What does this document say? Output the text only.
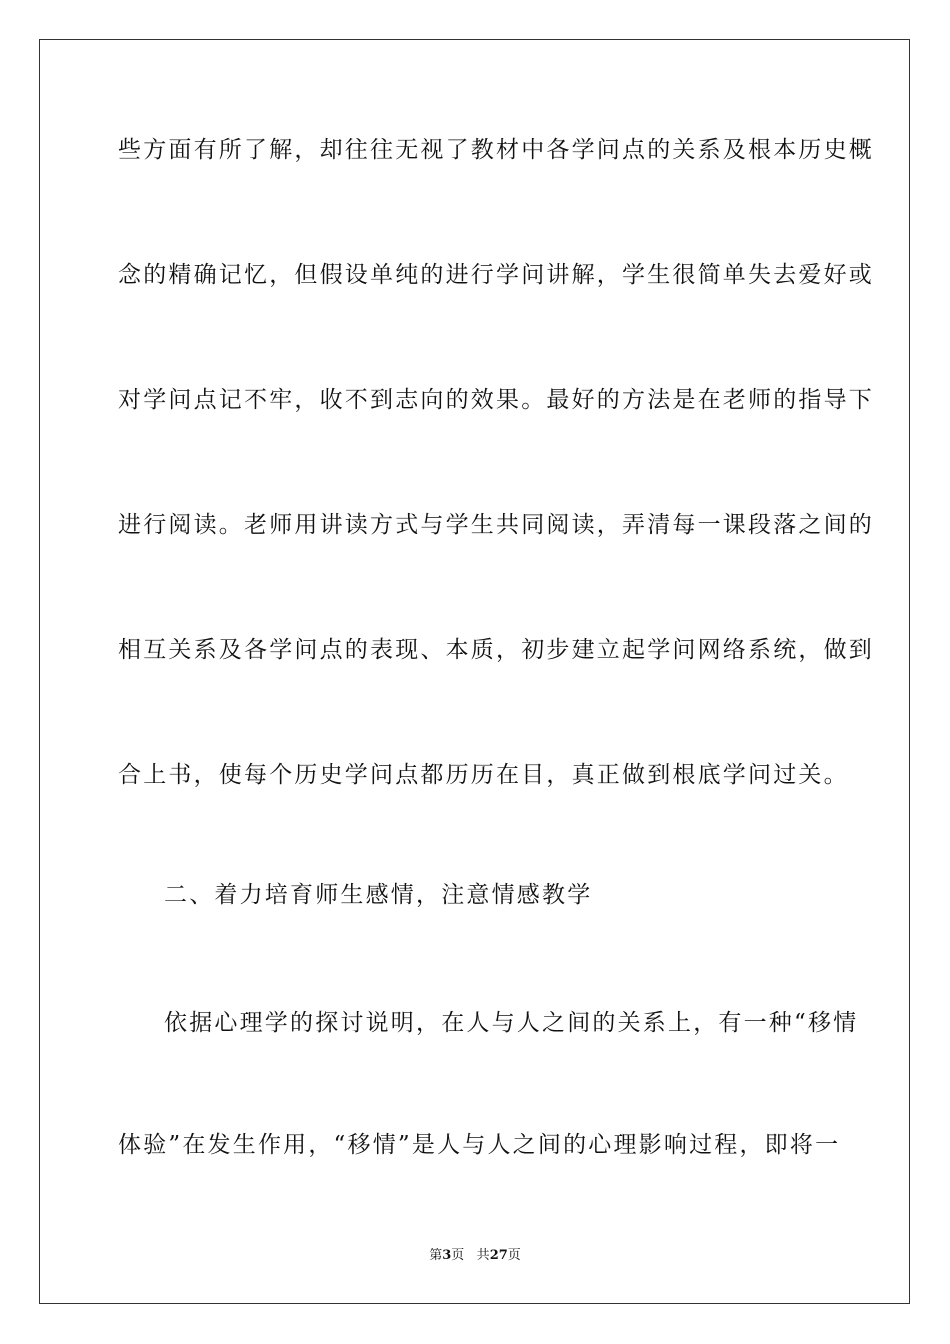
些方面有所了解，却往往无视了教材中各学问点的关系及根本历史概
念的精确记忆，但假设单纯的进行学问讲解，学生很简单失去爱好或
对学问点记不牢，收不到志向的效果。最好的方法是在老师的指导下
进行阅读。老师用讲读方式与学生共同阅读，弄清每一课段落之间的
相互关系及各学问点的表现、本质，初步建立起学问网络系统，做到
合上书，使每个历史学问点都历历在目，真正做到根底学问过关。
二、着力培育师生感情，注意情感教学
依据心理学的探讨说明，在人与人之间的关系上，有一种“移情
体验”在发生作用，“移情”是人与人之间的心理影响过程，即将一
第3页 共27页
